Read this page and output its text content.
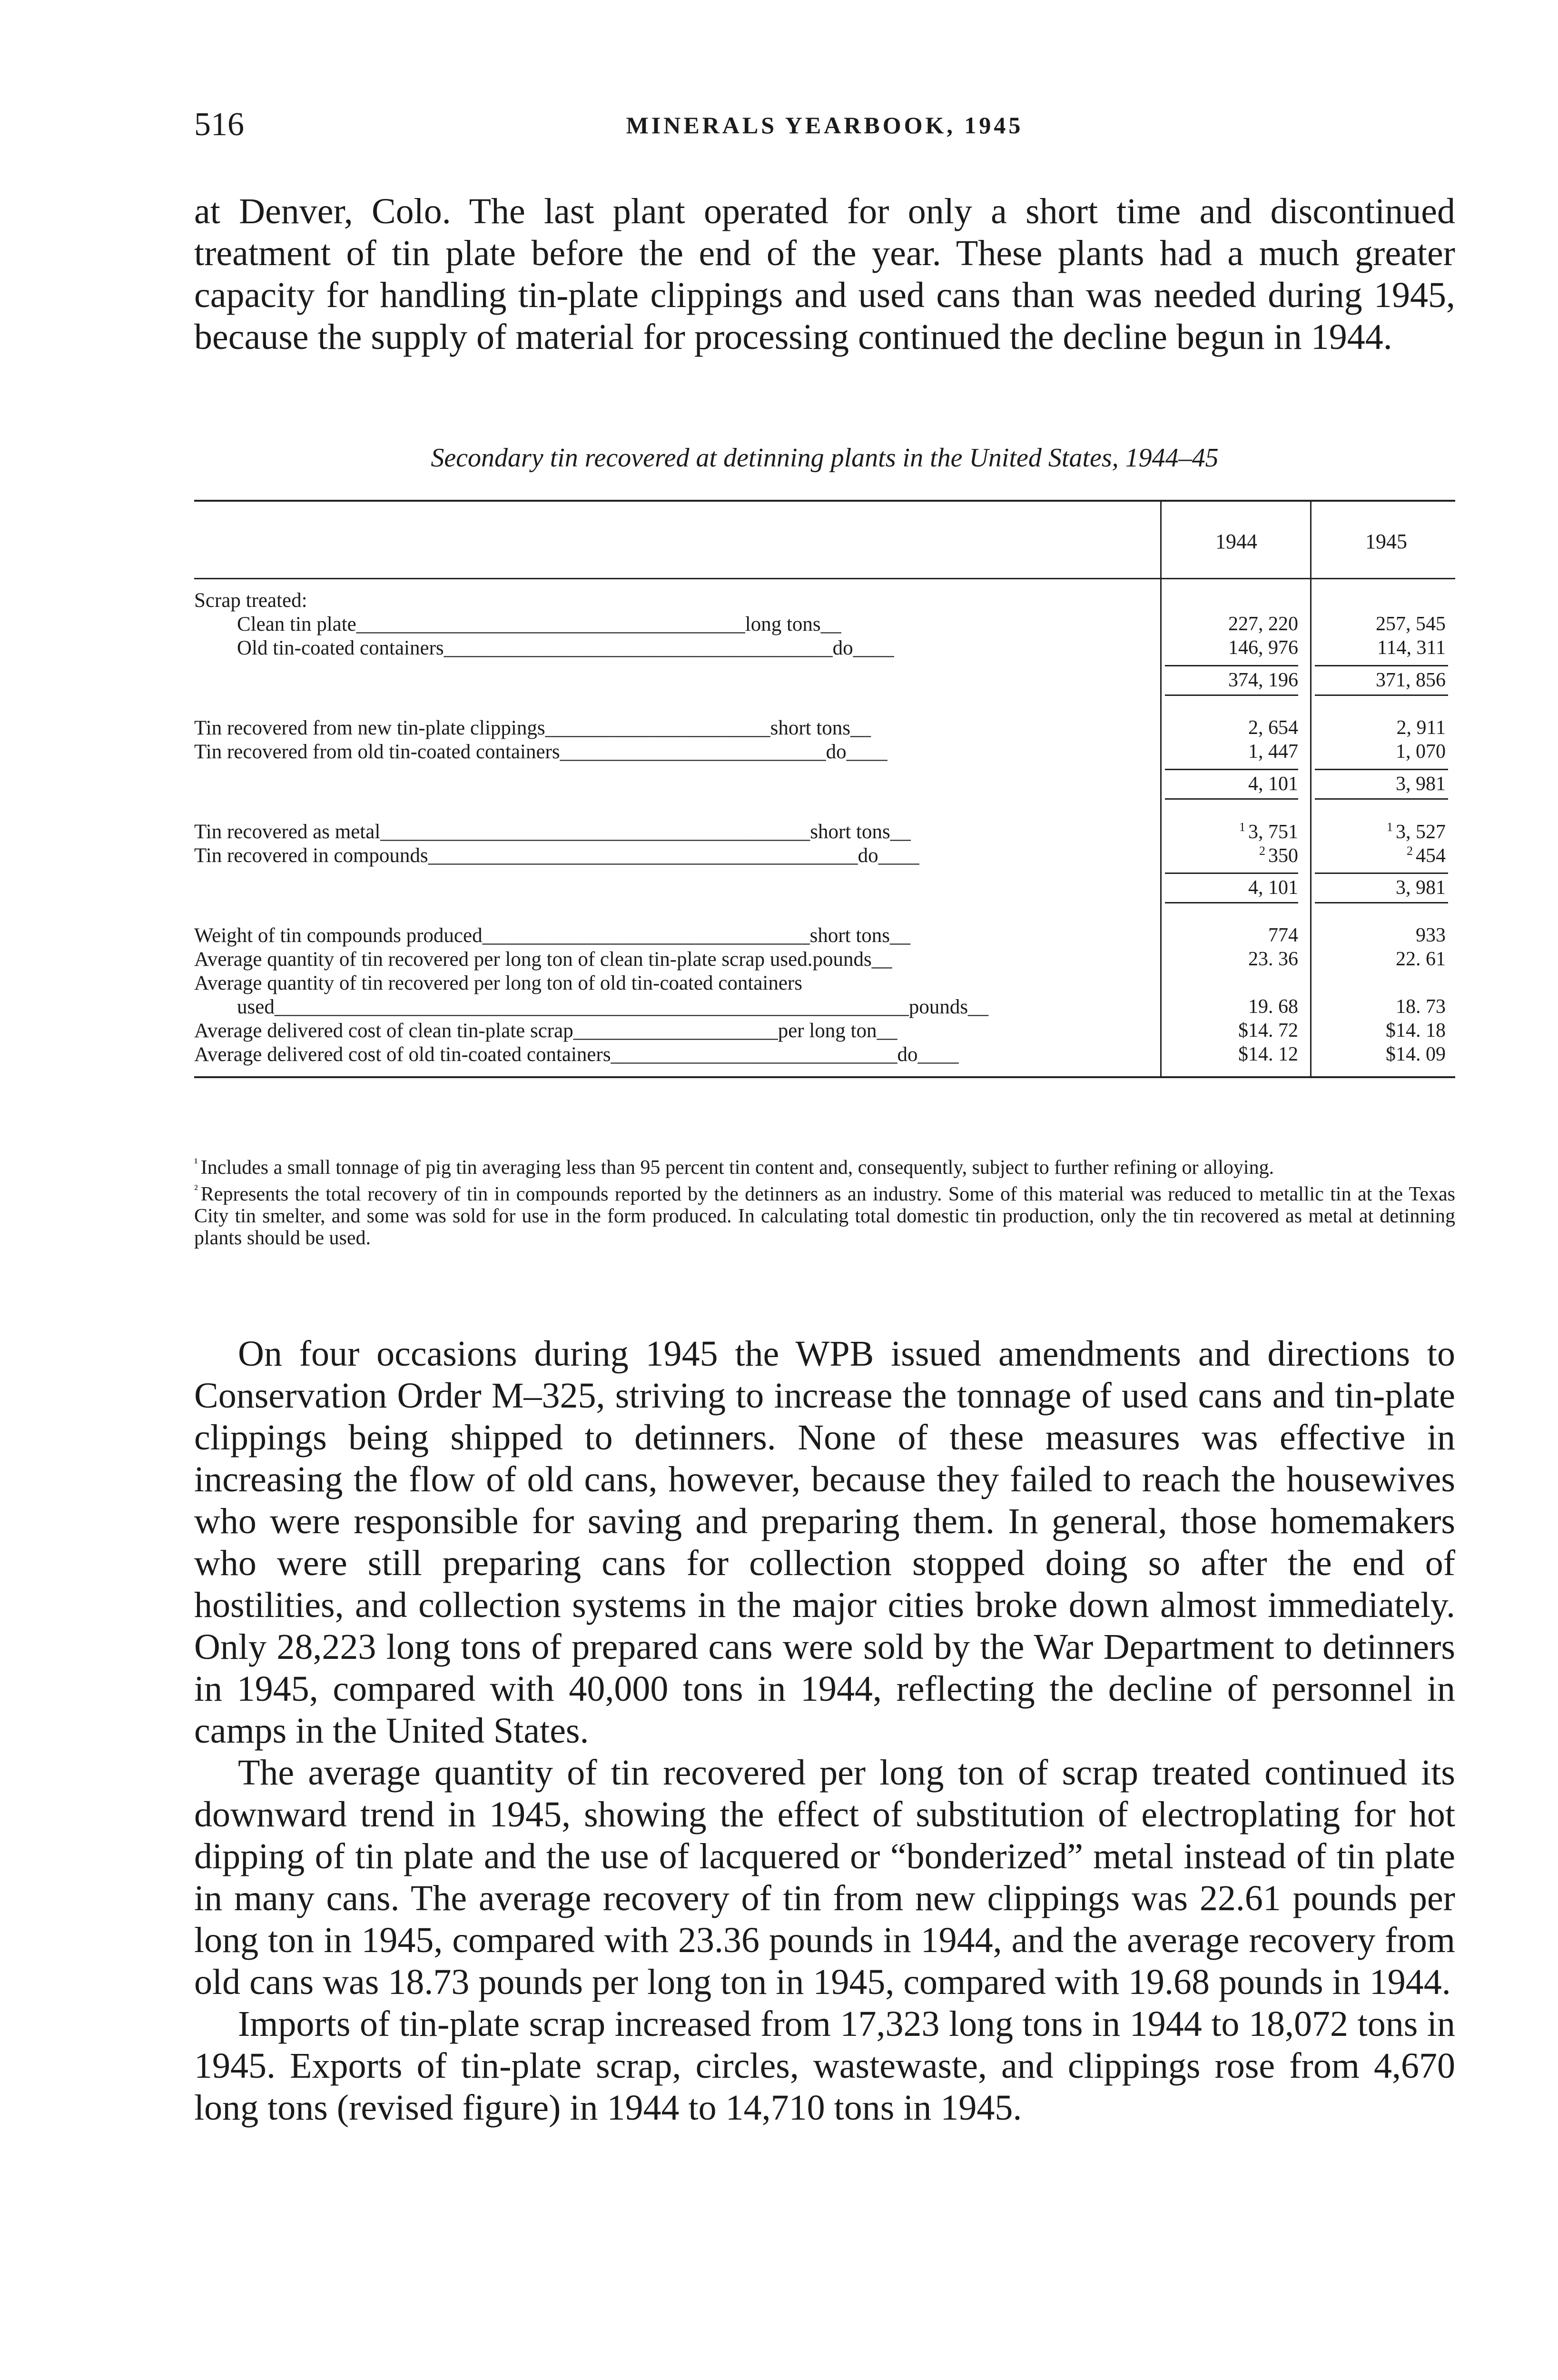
516	MINERALS YEARBOOK, 1945

at Denver, Colo. The last plant operated for only a short time and discontinued treatment of tin plate before the end of the year. These plants had a much greater capacity for handling tin-plate clippings and used cans than was needed during 1945, because the supply of material for processing continued the decline begun in 1944.

Secondary tin recovered at detinning plants in the United States, 1944–45
1944	1945
Scrap treated:
Clean tin plate______________________________________long tons__	227, 220	257, 545
Old tin-coated containers______________________________________do____	146, 976	114, 311
374, 196	371, 856
Tin recovered from new tin-plate clippings______________________short tons__	2, 654	2, 911
Tin recovered from old tin-coated containers__________________________do____	1, 447	1, 070
4, 101	3, 981
Tin recovered as metal__________________________________________short tons__	$^1$ 3, 751	$^1$ 3, 527
Tin recovered in compounds__________________________________________do____	$^2$ 350	$^2$ 454
4, 101	3, 981
Weight of tin compounds produced________________________________short tons__	774	933
Average quantity of tin recovered per long ton of clean tin-plate scrap used.pounds__	23. 36	22. 61
Average quantity of tin recovered per long ton of old tin-coated containers
used______________________________________________________________pounds__	19. 68	18. 73
Average delivered cost of clean tin-plate scrap____________________per long ton__	$14. 72	$14. 18
Average delivered cost of old tin-coated containers____________________________do____	$14. 12	$14. 09

$^{^1}$ Includes a small tonnage of pig tin averaging less than 95 percent tin content and, consequently, subject to further refining or alloying.

$^{^2}$ Represents the total recovery of tin in compounds reported by the detinners as an industry. Some of this material was reduced to metallic tin at the Texas City tin smelter, and some was sold for use in the form produced. In calculating total domestic tin production, only the tin recovered as metal at detinning plants should be used.

On four occasions during 1945 the WPB issued amendments and directions to Conservation Order M–325, striving to increase the tonnage of used cans and tin-plate clippings being shipped to detinners. None of these measures was effective in increasing the flow of old cans, however, because they failed to reach the housewives who were responsible for saving and preparing them. In general, those homemakers who were still preparing cans for collection stopped doing so after the end of hostilities, and collection systems in the major cities broke down almost immediately. Only 28,223 long tons of prepared cans were sold by the War Department to detinners in 1945, compared with 40,000 tons in 1944, reflecting the decline of personnel in camps in the United States.

The average quantity of tin recovered per long ton of scrap treated continued its downward trend in 1945, showing the effect of substitution of electroplating for hot dipping of tin plate and the use of lacquered or “bonderized” metal instead of tin plate in many cans. The average recovery of tin from new clippings was 22.61 pounds per long ton in 1945, compared with 23.36 pounds in 1944, and the average recovery from old cans was 18.73 pounds per long ton in 1945, compared with 19.68 pounds in 1944.

Imports of tin-plate scrap increased from 17,323 long tons in 1944 to 18,072 tons in 1945. Exports of tin-plate scrap, circles, wastewaste, and clippings rose from 4,670 long tons (revised figure) in 1944 to 14,710 tons in 1945.
